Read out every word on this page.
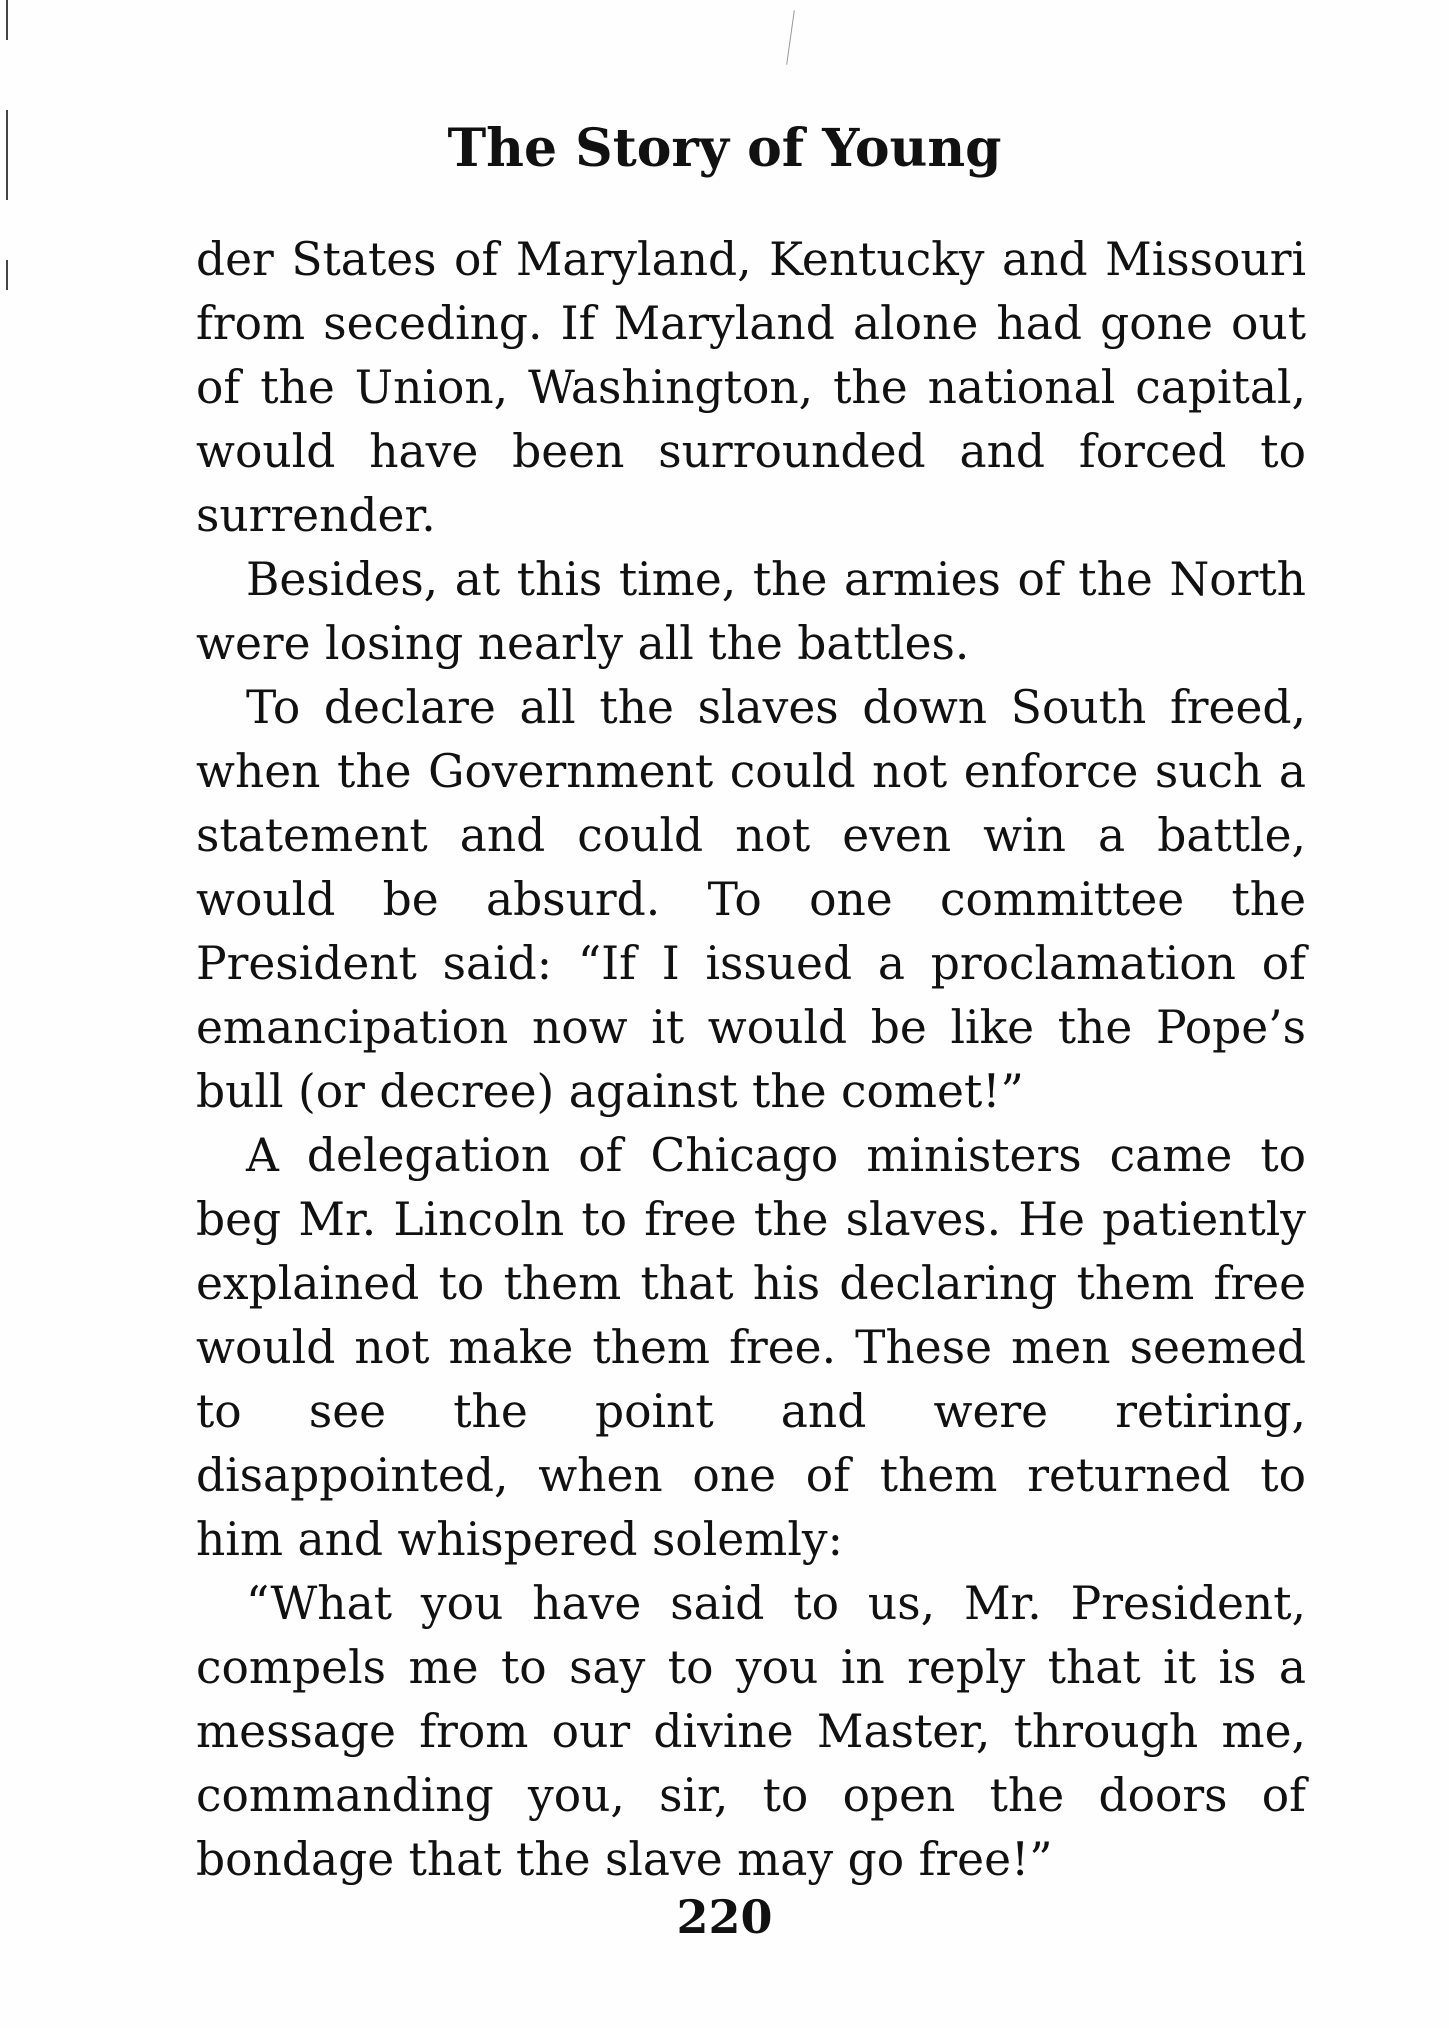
The Story of Young

der States of Maryland, Kentucky and Missouri from seceding. If Maryland alone had gone out of the Union, Washington, the national capital, would have been surrounded and forced to surrender.

Besides, at this time, the armies of the North were losing nearly all the battles.

To declare all the slaves down South freed, when the Government could not enforce such a statement and could not even win a battle, would be absurd. To one committee the President said: “If I issued a proclamation of emancipation now it would be like the Pope’s bull (or decree) against the comet!”

A delegation of Chicago ministers came to beg Mr. Lincoln to free the slaves. He patiently explained to them that his declaring them free would not make them free. These men seemed to see the point and were retiring, disappointed, when one of them returned to him and whispered solemly:

“What you have said to us, Mr. President, compels me to say to you in reply that it is a message from our divine Master, through me, commanding you, sir, to open the doors of bondage that the slave may go free!”

220
